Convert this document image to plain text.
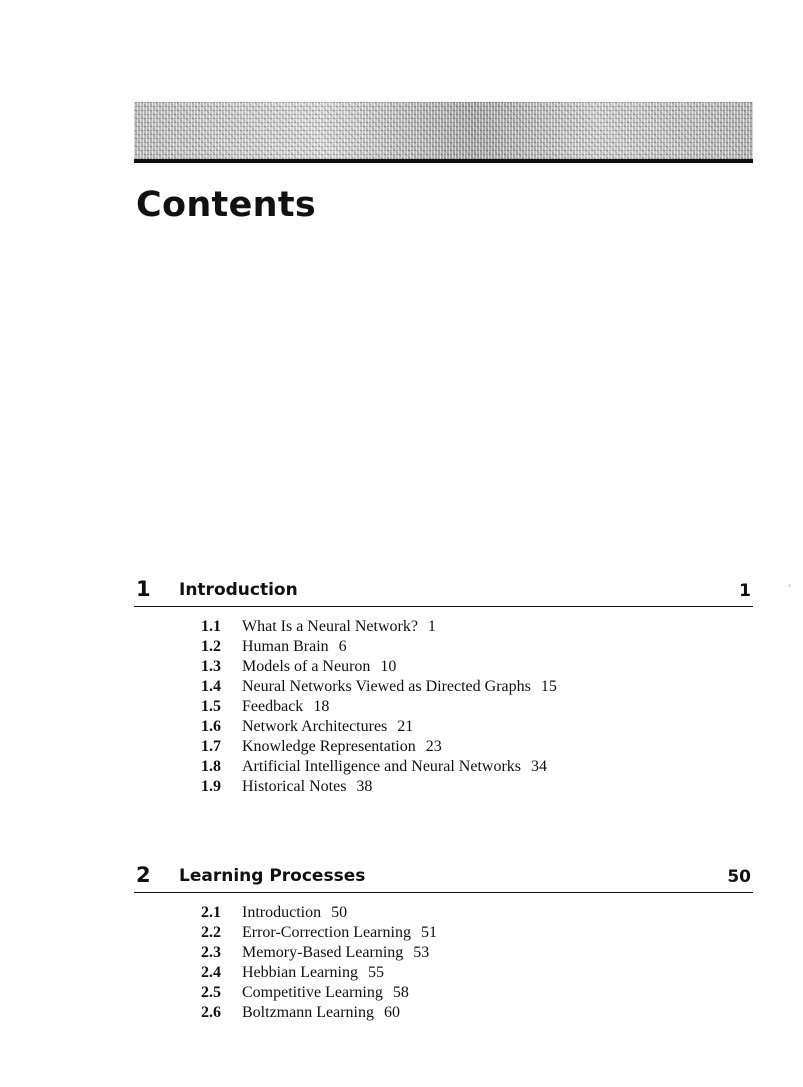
Contents
ʿ
1 Introduction	1
1.1 What Is a Neural Network? 1
1.2 Human Brain 6
1.3 Models of a Neuron 10
1.4 Neural Networks Viewed as Directed Graphs 15
1.5 Feedback 18
1.6 Network Architectures 21
1.7 Knowledge Representation 23
1.8 Artificial Intelligence and Neural Networks 34
1.9 Historical Notes 38
2 Learning Processes	50
2.1 Introduction 50
2.2 Error-Correction Learning 51
2.3 Memory-Based Learning 53
2.4 Hebbian Learning 55
2.5 Competitive Learning 58
2.6 Boltzmann Learning 60
